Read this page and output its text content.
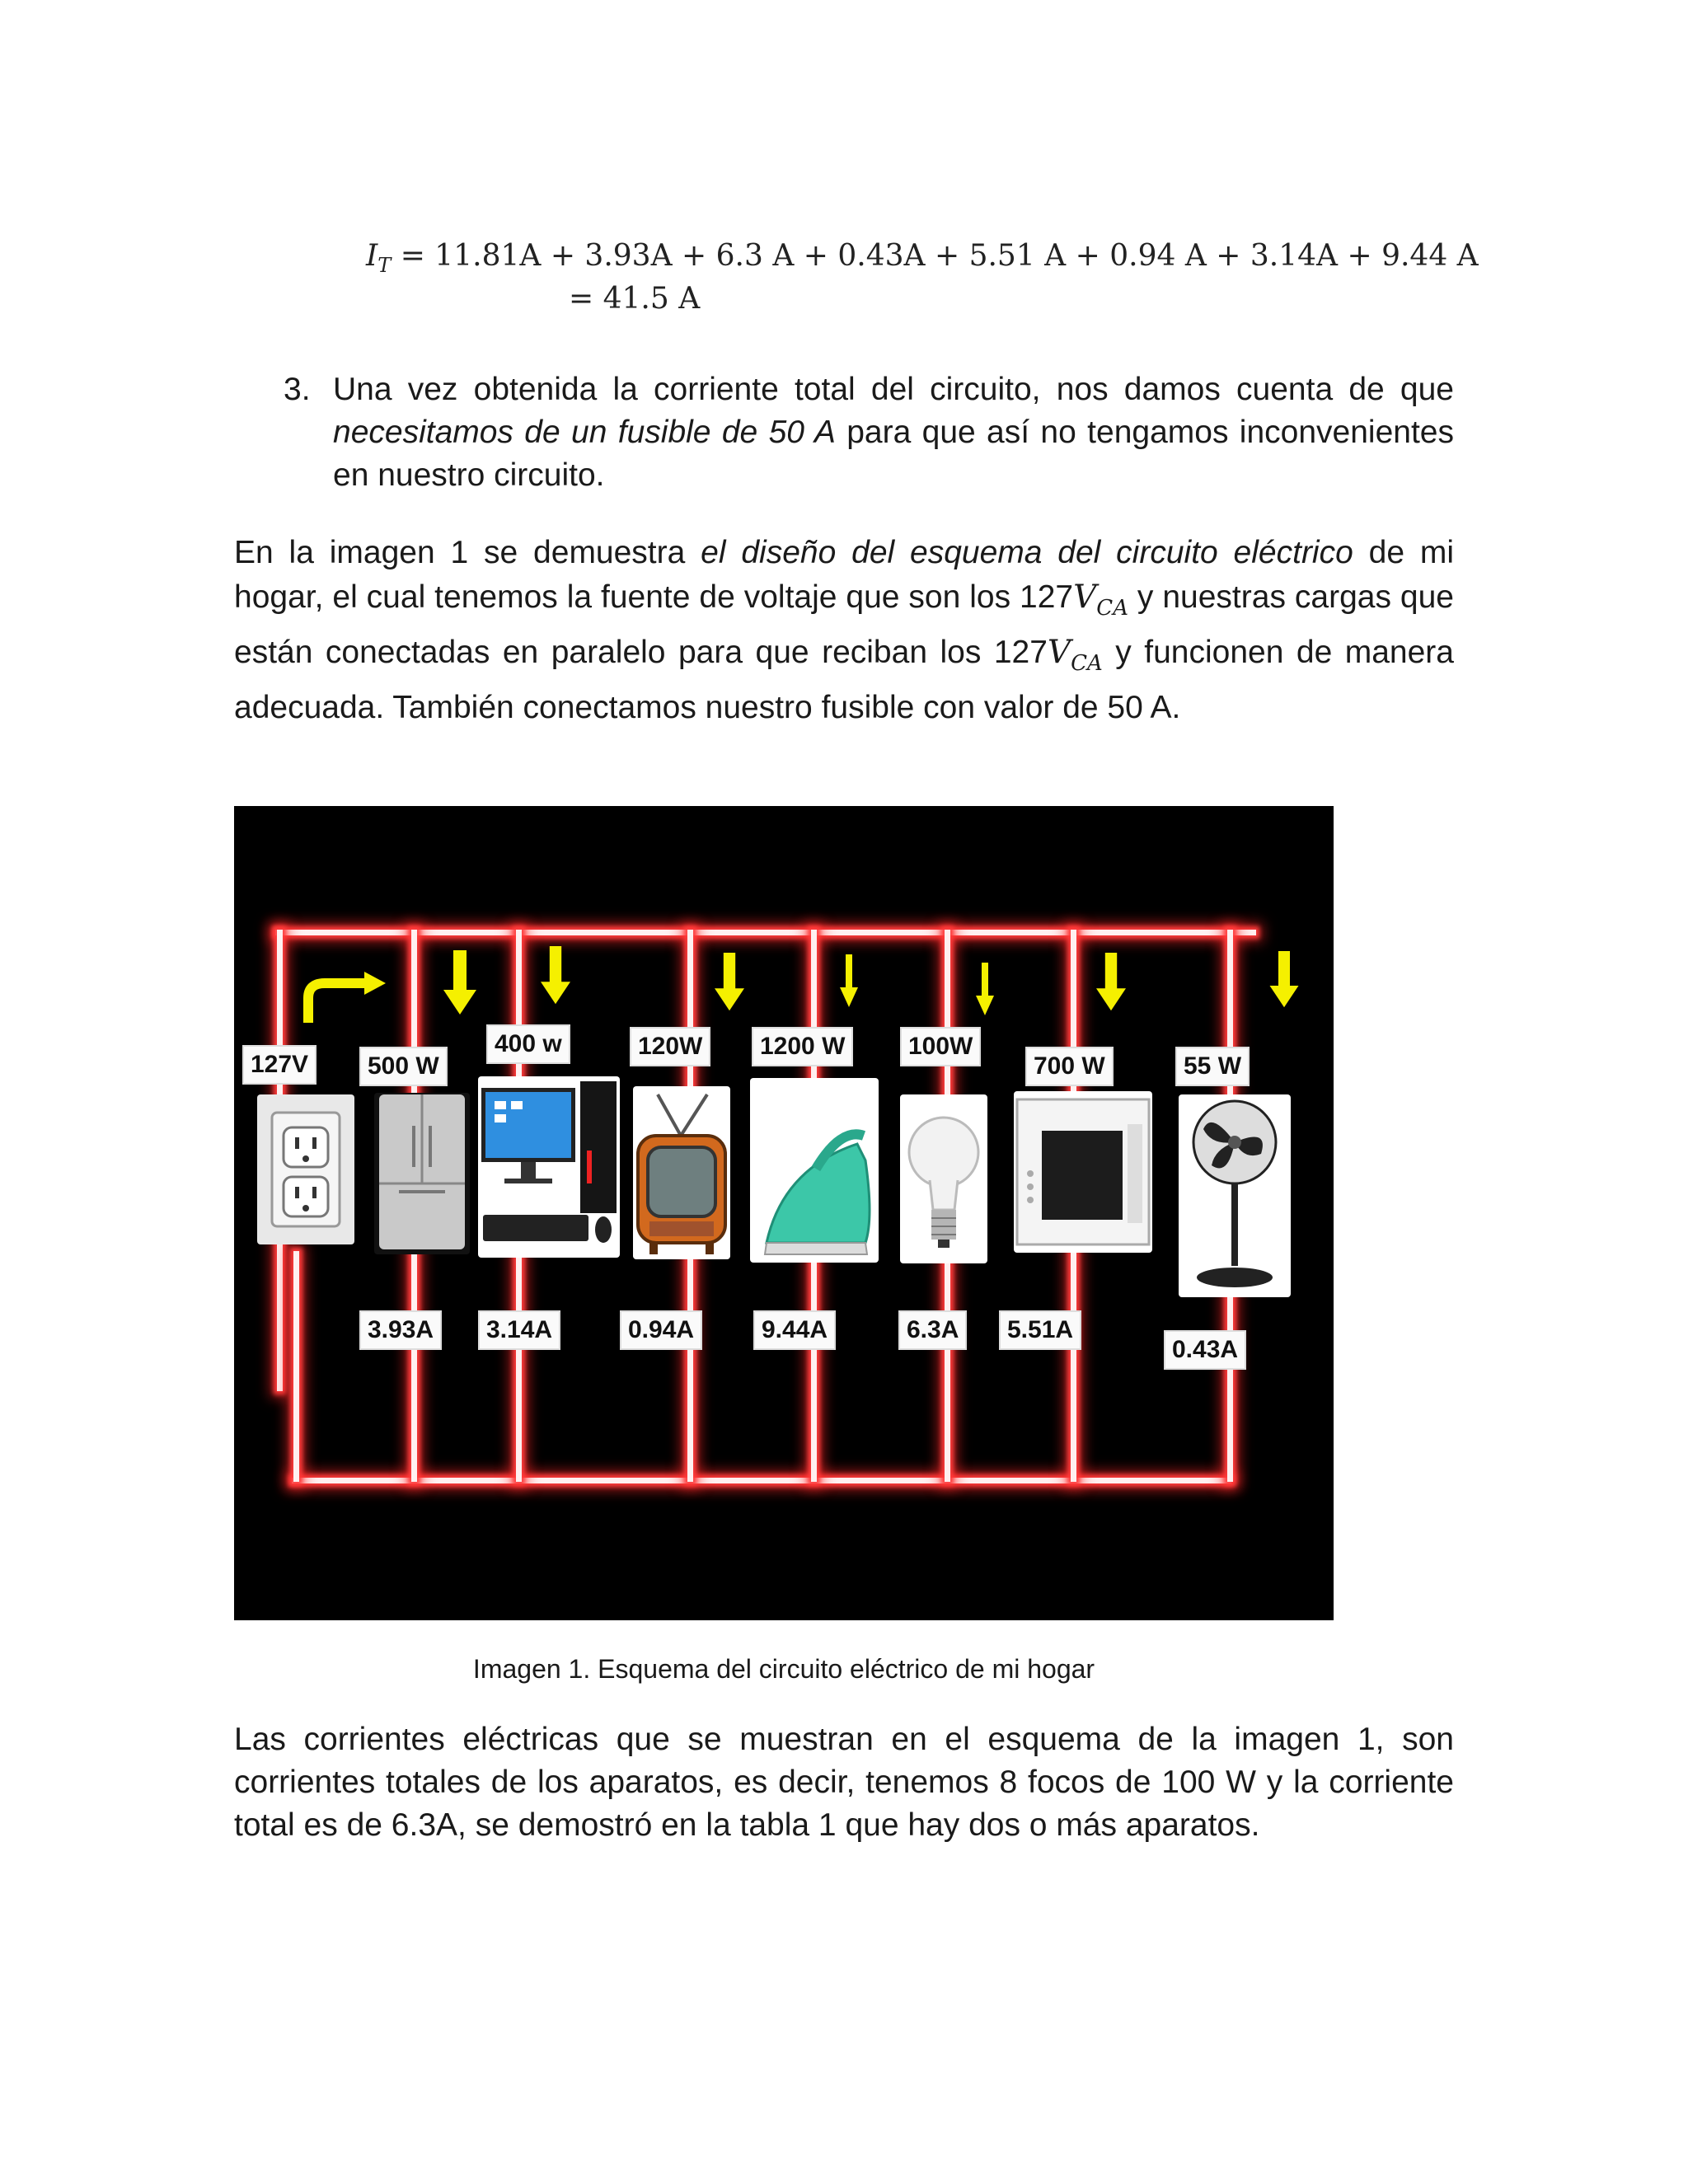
$I_T = 11.81A + 3.93A + 6.3$ A + 0.43A + 5.51 A + 0.94 A + 3.14A + 9.44 A
= 41.5 A
3. Una vez obtenida la corriente total del circuito, nos damos cuenta de que necesitamos de un fusible de 50 A para que así no tengamos inconvenientes en nuestro circuito.
En la imagen 1 se demuestra el diseño del esquema del circuito eléctrico de mi hogar, el cual tenemos la fuente de voltaje que son los $127V_{CA}$ y nuestras cargas que están conectadas en paralelo para que reciban los $127V_{CA}$ y funcionen de manera adecuada. También conectamos nuestro fusible con valor de 50 A.
127V	500 W
400 w	120W	1200 W	100W
700 W	55 W
3.93A	3.14A	0.94A	9.44A	6.3A	5.51A
0.43A
Imagen 1. Esquema del circuito eléctrico de mi hogar
Las corrientes eléctricas que se muestran en el esquema de la imagen 1, son corrientes totales de los aparatos, es decir, tenemos 8 focos de 100 W y la corriente total es de 6.3A, se demostró en la tabla 1 que hay dos o más aparatos.
